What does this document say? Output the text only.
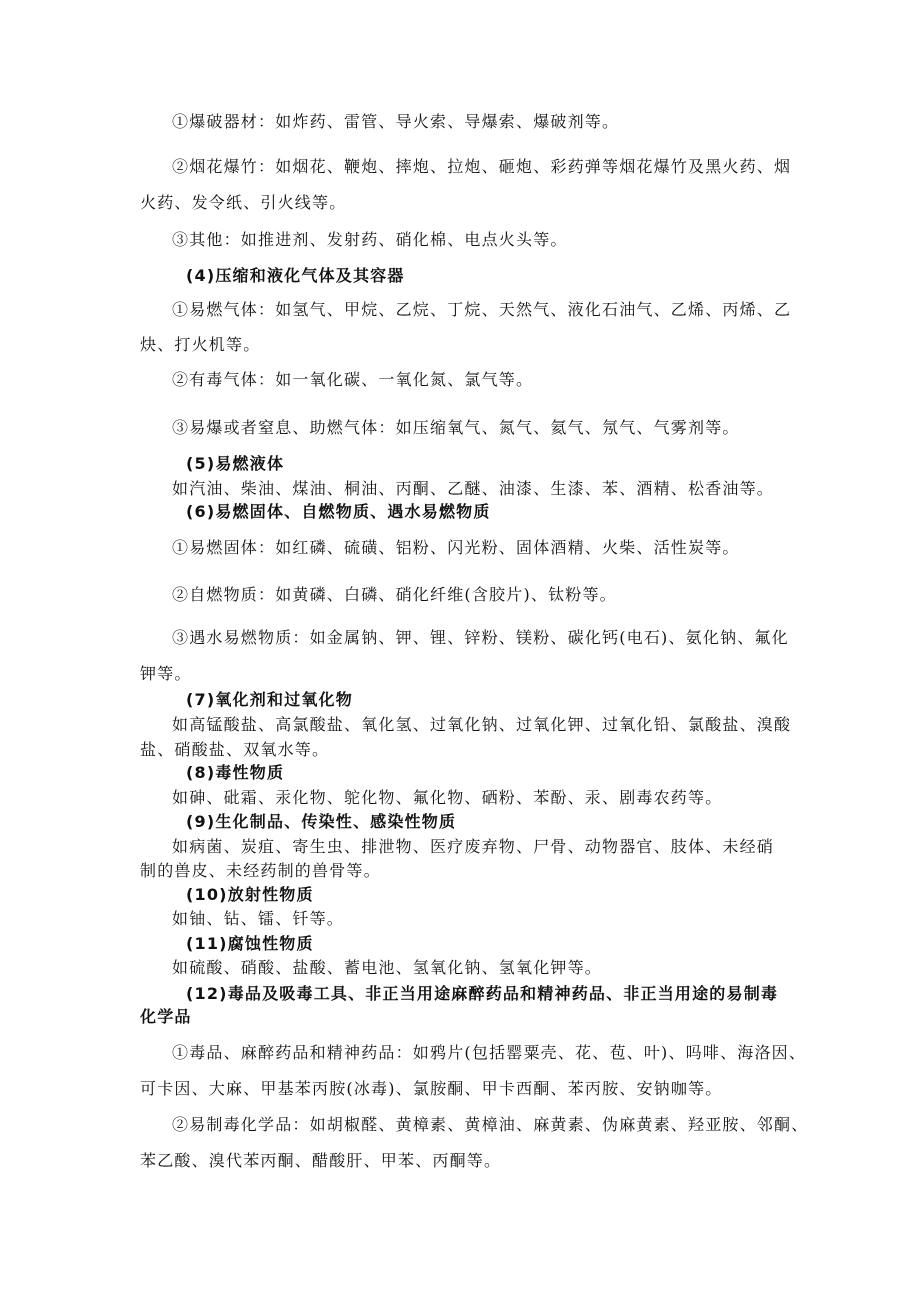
①爆破器材：如炸药、雷管、导火索、导爆索、爆破剂等。
②烟花爆竹：如烟花、鞭炮、摔炮、拉炮、砸炮、彩药弹等烟花爆竹及黑火药、烟
火药、发令纸、引火线等。
③其他：如推进剂、发射药、硝化棉、电点火头等。
(4)压缩和液化气体及其容器
①易燃气体：如氢气、甲烷、乙烷、丁烷、天然气、液化石油气、乙烯、丙烯、乙
炔、打火机等。
②有毒气体：如一氧化碳、一氧化氮、氯气等。
③易爆或者窒息、助燃气体：如压缩氧气、氮气、氦气、氖气、气雾剂等。
(5)易燃液体
如汽油、柴油、煤油、桐油、丙酮、乙醚、油漆、生漆、苯、酒精、松香油等。
(6)易燃固体、自燃物质、遇水易燃物质
①易燃固体：如红磷、硫磺、铝粉、闪光粉、固体酒精、火柴、活性炭等。
②自燃物质：如黄磷、白磷、硝化纤维(含胶片)、钛粉等。
③遇水易燃物质：如金属钠、钾、锂、锌粉、镁粉、碳化钙(电石)、氨化钠、氟化
钾等。
(7)氧化剂和过氧化物
如高锰酸盐、高氯酸盐、氧化氢、过氧化钠、过氧化钾、过氧化铅、氯酸盐、溴酸
盐、硝酸盐、双氧水等。
(8)毒性物质
如砷、砒霜、汞化物、鸵化物、氟化物、硒粉、苯酚、汞、剧毒农药等。
(9)生化制品、传染性、感染性物质
如病菌、炭疽、寄生虫、排泄物、医疗废弃物、尸骨、动物器官、肢体、未经硝
制的兽皮、未经药制的兽骨等。
(10)放射性物质
如铀、钻、镭、钎等。
(11)腐蚀性物质
如硫酸、硝酸、盐酸、蓄电池、氢氧化钠、氢氧化钾等。
(12)毒品及吸毒工具、非正当用途麻醉药品和精神药品、非正当用途的易制毒
化学品
①毒品、麻醉药品和精神药品：如鸦片(包括罂粟壳、花、苞、叶)、吗啡、海洛因、
可卡因、大麻、甲基苯丙胺(冰毒)、氯胺酮、甲卡西酮、苯丙胺、安钠咖等。
②易制毒化学品：如胡椒醛、黄樟素、黄樟油、麻黄素、伪麻黄素、羟亚胺、邻酮、
苯乙酸、溴代苯丙酮、醋酸肝、甲苯、丙酮等。
